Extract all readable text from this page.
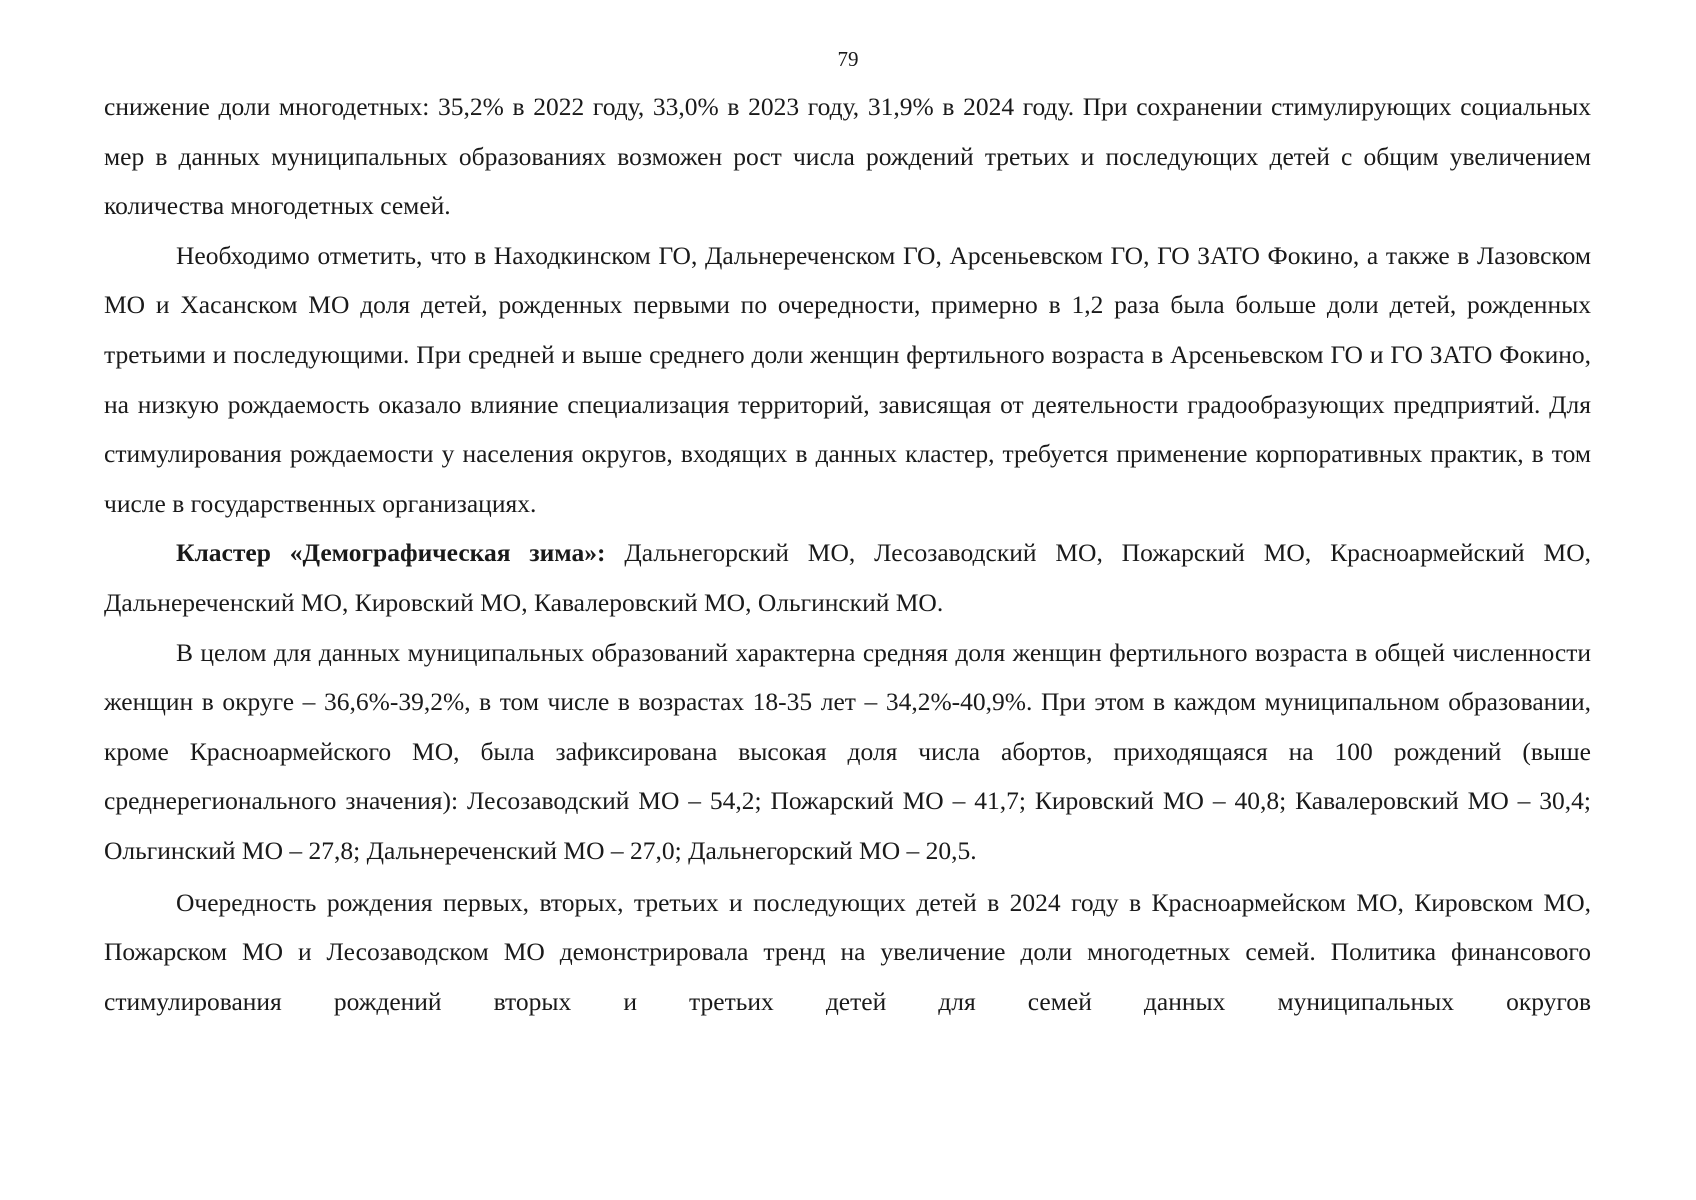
79

снижение доли многодетных: 35,2% в 2022 году, 33,0% в 2023 году, 31,9% в 2024 году. При сохранении стимулирующих социальных мер в данных муниципальных образованиях возможен рост числа рождений третьих и последующих детей с общим увеличением количества многодетных семей.

Необходимо отметить, что в Находкинском ГО, Дальнереченском ГО, Арсеньевском ГО, ГО ЗАТО Фокино, а также в Лазовском МО и Хасанском МО доля детей, рожденных первыми по очередности, примерно в 1,2 раза была больше доли детей, рожденных третьими и последующими. При средней и выше среднего доли женщин фертильного возраста в Арсеньевском ГО и ГО ЗАТО Фокино, на низкую рождаемость оказало влияние специализация территорий, зависящая от деятельности градообразующих предприятий. Для стимулирования рождаемости у населения округов, входящих в данных кластер, требуется применение корпоративных практик, в том числе в государственных организациях.

Кластер «Демографическая зима»: Дальнегорский МО, Лесозаводский МО, Пожарский МО, Красноармейский МО, Дальнереченский МО, Кировский МО, Кавалеровский МО, Ольгинский МО.

В целом для данных муниципальных образований характерна средняя доля женщин фертильного возраста в общей численности женщин в округе – 36,6%-39,2%, в том числе в возрастах 18-35 лет – 34,2%-40,9%. При этом в каждом муниципальном образовании, кроме Красноармейского МО, была зафиксирована высокая доля числа абортов, приходящаяся на 100 рождений (выше среднерегионального значения): Лесозаводский МО – 54,2; Пожарский МО – 41,7; Кировский МО – 40,8; Кавалеровский МО – 30,4; Ольгинский МО – 27,8; Дальнереченский МО – 27,0; Дальнегорский МО – 20,5.

Очередность рождения первых, вторых, третьих и последующих детей в 2024 году в Красноармейском МО, Кировском МО, Пожарском МО и Лесозаводском МО демонстрировала тренд на увеличение доли многодетных семей. Политика финансового стимулирования рождений вторых и третьих детей для семей данных муниципальных округов
